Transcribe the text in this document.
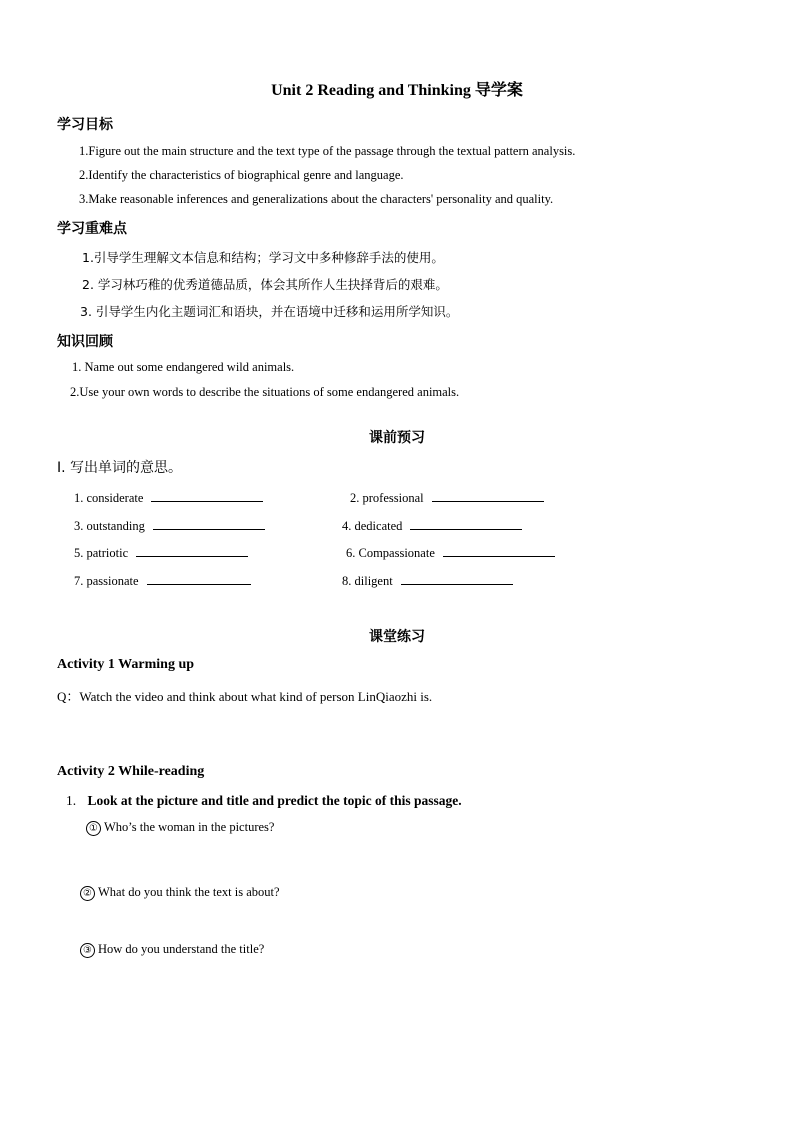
Unit 2 Reading and Thinking 导学案
学习目标
1.Figure out the main structure and the text type of the passage through the textual pattern analysis.
2.Identify the characteristics of biographical genre and language.
3.Make reasonable inferences and generalizations about the characters' personality and quality.
学习重难点
1.引导学生理解文本信息和结构；学习文中多种修辞手法的使用。
2. 学习林巧稚的优秀道德品质，体会其所作人生抉择背后的艰难。
3. 引导学生内化主题词汇和语块，并在语境中迁移和运用所学知识。
知识回顾
1. Name out some endangered wild animals.
2.Use your own words to describe the situations of some endangered animals.
课前预习
I. 写出单词的意思。
1. considerate	2. professional
3. outstanding	4. dedicated
5. patriotic	6. Compassionate
7. passionate	8. diligent
课堂练习
Activity 1 Warming up
Q：Watch the video and think about what kind of person LinQiaozhi is.
Activity 2 While-reading
1. Look at the picture and title and predict the topic of this passage.
① Who’s the woman in the pictures?
② What do you think the text is about?
③ How do you understand the title?
